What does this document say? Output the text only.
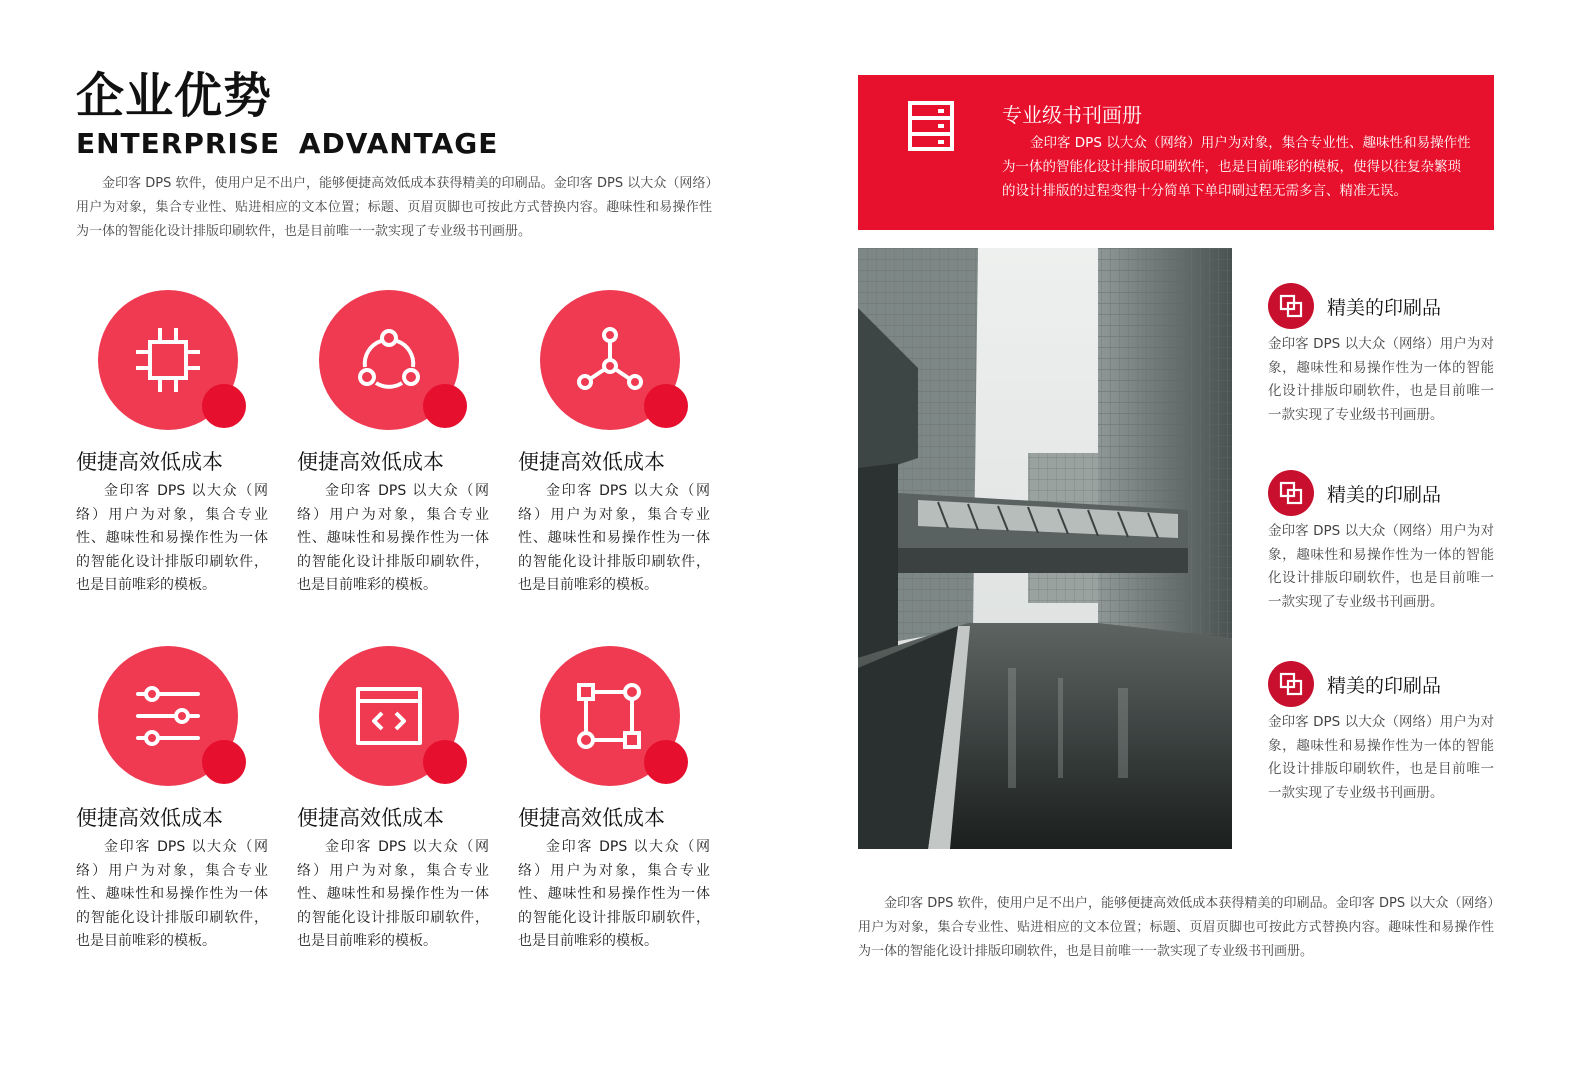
企业优势
ENTERPRISE ADVANTAGE

金印客 DPS 软件，使用户足不出户，能够便捷高效低成本获得精美的印刷品。金印客 DPS 以大众（网络）用户为对象，集合专业性、贴进相应的文本位置；标题、页眉页脚也可按此方式替换内容。趣味性和易操作性为一体的智能化设计排版印刷软件，也是目前唯一一款实现了专业级书刊画册。

便捷高效低成本

金印客 DPS 以大众（网络）用户为对象，集合专业性、趣味性和易操作性为一体的智能化设计排版印刷软件，也是目前唯彩的模板。

便捷高效低成本

金印客 DPS 以大众（网络）用户为对象，集合专业性、趣味性和易操作性为一体的智能化设计排版印刷软件，也是目前唯彩的模板。

便捷高效低成本

金印客 DPS 以大众（网络）用户为对象，集合专业性、趣味性和易操作性为一体的智能化设计排版印刷软件，也是目前唯彩的模板。

便捷高效低成本

金印客 DPS 以大众（网络）用户为对象，集合专业性、趣味性和易操作性为一体的智能化设计排版印刷软件，也是目前唯彩的模板。

便捷高效低成本

金印客 DPS 以大众（网络）用户为对象，集合专业性、趣味性和易操作性为一体的智能化设计排版印刷软件，也是目前唯彩的模板。

便捷高效低成本

金印客 DPS 以大众（网络）用户为对象，集合专业性、趣味性和易操作性为一体的智能化设计排版印刷软件，也是目前唯彩的模板。

专业级书刊画册

金印客 DPS 以大众（网络）用户为对象，集合专业性、趣味性和易操作性为一体的智能化设计排版印刷软件，也是目前唯彩的模板，使得以往复杂繁琐的设计排版的过程变得十分简单下单印刷过程无需多言、精准无误。

精美的印刷品

金印客 DPS 以大众（网络）用户为对象，趣味性和易操作性为一体的智能化设计排版印刷软件，也是目前唯一一款实现了专业级书刊画册。

精美的印刷品

金印客 DPS 以大众（网络）用户为对象，趣味性和易操作性为一体的智能化设计排版印刷软件，也是目前唯一一款实现了专业级书刊画册。

精美的印刷品

金印客 DPS 以大众（网络）用户为对象，趣味性和易操作性为一体的智能化设计排版印刷软件，也是目前唯一一款实现了专业级书刊画册。

金印客 DPS 软件，使用户足不出户，能够便捷高效低成本获得精美的印刷品。金印客 DPS 以大众（网络）用户为对象，集合专业性、贴进相应的文本位置；标题、页眉页脚也可按此方式替换内容。趣味性和易操作性为一体的智能化设计排版印刷软件，也是目前唯一一款实现了专业级书刊画册。
